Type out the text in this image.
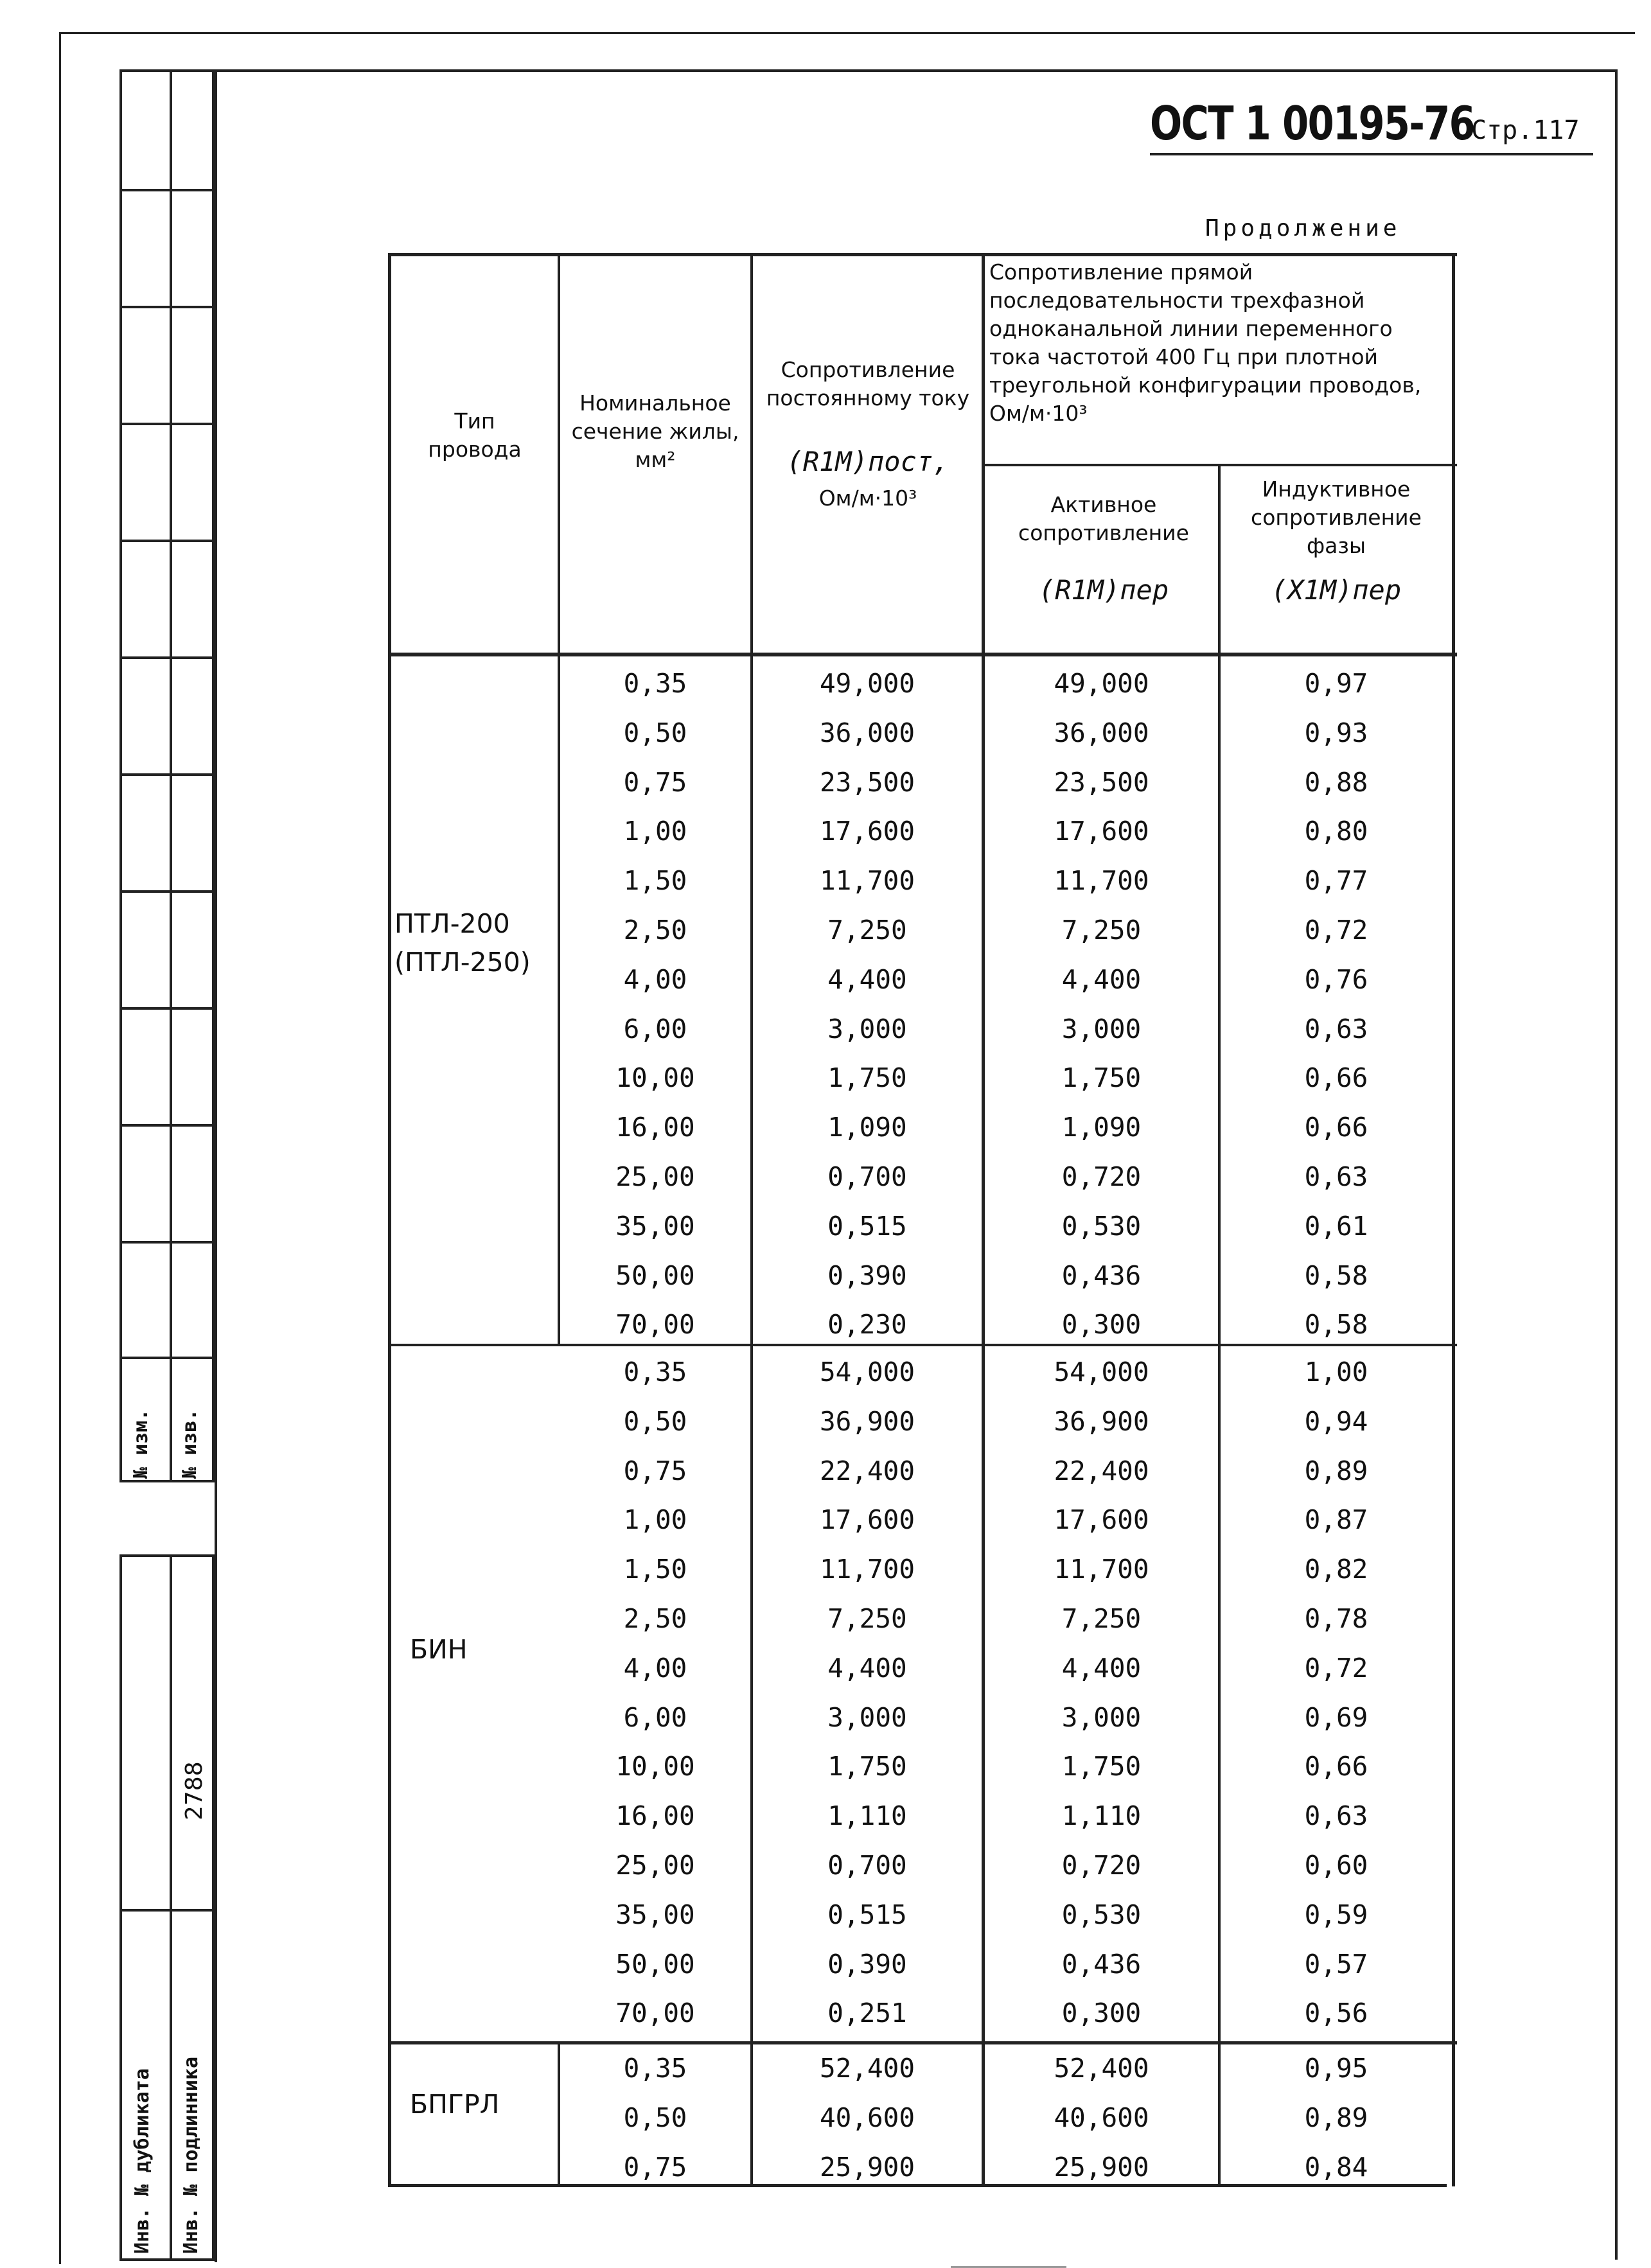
№ изм. № изв.
2788
Инв. № дубликата Инв. № подлинника
ОСТ 1 00195-76
Стр.117
Продолжение
Тип провода
Номинальное сечение жилы, мм²
Сопротивление постоянному току
(R1M)пост,
Ом/м·10³
Сопротивление прямой последовательности трехфазной одноканальной линии переменного тока частотой 400 Гц при плотной треугольной конфигурации проводов, Ом/м·10³
Активное сопротивление
(R1M)пер
Индуктивное сопротивление фазы
(X1M)пер
ПТЛ-200
(ПТЛ-250)
0,35	49,000	49,000	0,97
0,50	36,000	36,000	0,93
0,75	23,500	23,500	0,88
1,00	17,600	17,600	0,80
1,50	11,700	11,700	0,77
2,50	7,250	7,250	0,72
4,00	4,400	4,400	0,76
6,00	3,000	3,000	0,63
10,00	1,750	1,750	0,66
16,00	1,090	1,090	0,66
25,00	0,700	0,720	0,63
35,00	0,515	0,530	0,61
50,00	0,390	0,436	0,58
70,00	0,230	0,300	0,58
БИН
0,35	54,000	54,000	1,00
0,50	36,900	36,900	0,94
0,75	22,400	22,400	0,89
1,00	17,600	17,600	0,87
1,50	11,700	11,700	0,82
2,50	7,250	7,250	0,78
4,00	4,400	4,400	0,72
6,00	3,000	3,000	0,69
10,00	1,750	1,750	0,66
16,00	1,110	1,110	0,63
25,00	0,700	0,720	0,60
35,00	0,515	0,530	0,59
50,00	0,390	0,436	0,57
70,00	0,251	0,300	0,56
БПГРЛ
0,35	52,400	52,400	0,95
0,50	40,600	40,600	0,89
0,75	25,900	25,900	0,84
